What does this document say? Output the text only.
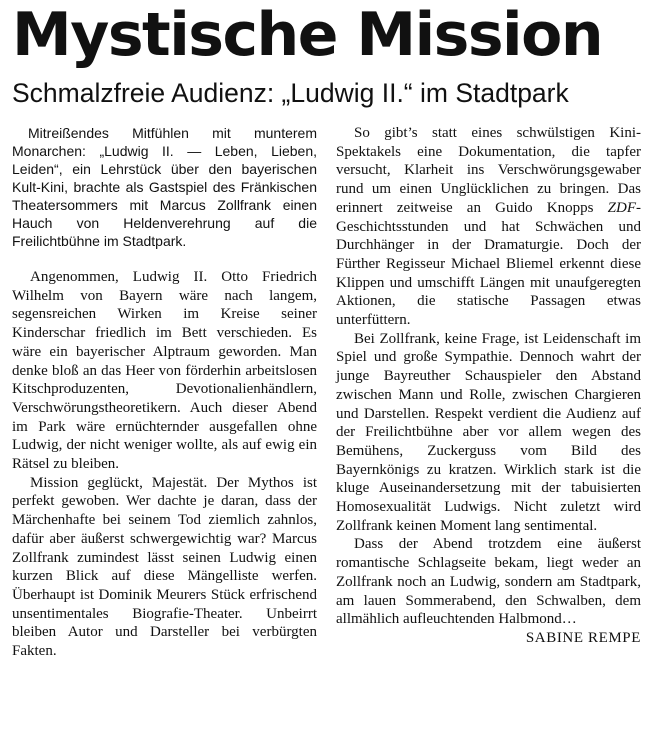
Mystische Mission
Schmalzfreie Audienz: „Ludwig II.“ im Stadtpark

Mitreißendes Mitfühlen mit munterem Monarchen: „Ludwig II. — Leben, Lieben, Leiden“, ein Lehrstück über den bayerischen Kult-Kini, brachte als Gastspiel des Fränkischen Theatersommers mit Marcus Zollfrank einen Hauch von Heldenverehrung auf die Freilichtbühne im Stadtpark.

Angenommen, Ludwig II. Otto Friedrich Wilhelm von Bayern wäre nach langem, segensreichen Wirken im Kreise seiner Kinderschar friedlich im Bett verschieden. Es wäre ein bayerischer Alptraum geworden. Man denke bloß an das Heer von förderhin arbeitslosen Kitschproduzenten, Devotionalienhändlern, Verschwörungstheoretikern. Auch dieser Abend im Park wäre ernüchternder ausgefallen ohne Ludwig, der nicht weniger wollte, als auf ewig ein Rätsel zu bleiben.

Mission geglückt, Majestät. Der Mythos ist perfekt gewoben. Wer dachte je daran, dass der Märchenhafte bei seinem Tod ziemlich zahnlos, dafür aber äußerst schwergewichtig war? Marcus Zollfrank zumindest lässt seinen Ludwig einen kurzen Blick auf diese Mängelliste werfen. Überhaupt ist Dominik Meurers Stück erfrischend unsentimentales Biografie-Theater. Unbeirrt bleiben Autor und Darsteller bei verbürgten Fakten.

So gibt’s statt eines schwülstigen Kini-Spektakels eine Dokumentation, die tapfer versucht, Klarheit ins Verschwörungsgewaber rund um einen Unglücklichen zu bringen. Das erinnert zeitweise an Guido Knopps ZDF-Geschichtsstunden und hat Schwächen und Durchhänger in der Dramaturgie. Doch der Fürther Regisseur Michael Bliemel erkennt diese Klippen und umschifft Längen mit unaufgeregten Aktionen, die statische Passagen etwas unterfüttern.

Bei Zollfrank, keine Frage, ist Leidenschaft im Spiel und große Sympathie. Dennoch wahrt der junge Bayreuther Schauspieler den Abstand zwischen Mann und Rolle, zwischen Chargieren und Darstellen. Respekt verdient die Audienz auf der Freilichtbühne aber vor allem wegen des Bemühens, Zuckerguss vom Bild des Bayernkönigs zu kratzen. Wirklich stark ist die kluge Auseinandersetzung mit der tabuisierten Homosexualität Ludwigs. Nicht zuletzt wird Zollfrank keinen Moment lang sentimental.

Dass der Abend trotzdem eine äußerst romantische Schlagseite bekam, liegt weder an Zollfrank noch an Ludwig, sondern am Stadtpark, am lauen Sommerabend, den Schwalben, dem allmählich aufleuchtenden Halbmond…

SABINE REMPE
